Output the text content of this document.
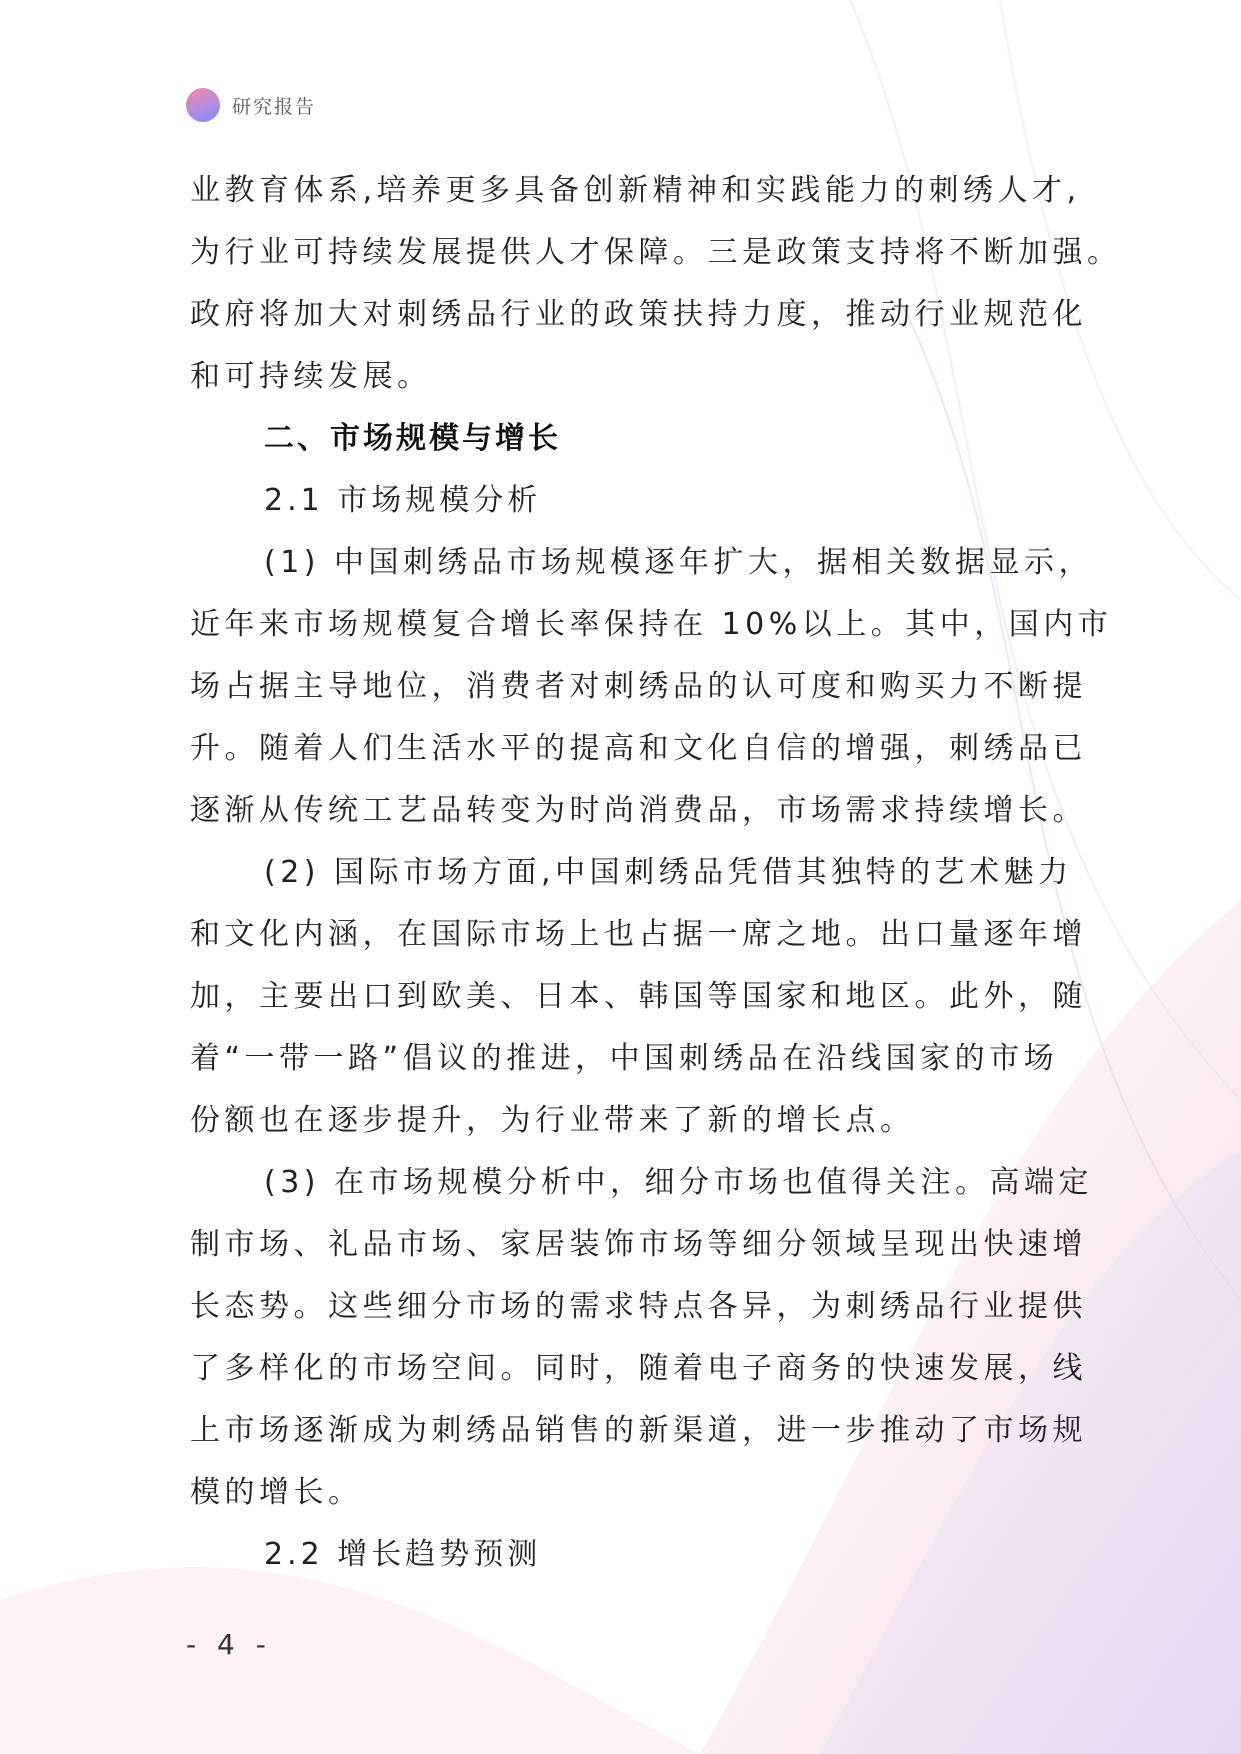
研究报告
业教育体系,培养更多具备创新精神和实践能力的刺绣人才,
为行业可持续发展提供人才保障。三是政策支持将不断加强。
政府将加大对刺绣品行业的政策扶持力度，推动行业规范化
和可持续发展。
二、市场规模与增长
2.1 市场规模分析
(1) 中国刺绣品市场规模逐年扩大，据相关数据显示，
近年来市场规模复合增长率保持在 10%以上。其中，国内市
场占据主导地位，消费者对刺绣品的认可度和购买力不断提
升。随着人们生活水平的提高和文化自信的增强，刺绣品已
逐渐从传统工艺品转变为时尚消费品，市场需求持续增长。
(2) 国际市场方面,中国刺绣品凭借其独特的艺术魅力
和文化内涵，在国际市场上也占据一席之地。出口量逐年增
加，主要出口到欧美、日本、韩国等国家和地区。此外，随
着“一带一路”倡议的推进，中国刺绣品在沿线国家的市场
份额也在逐步提升，为行业带来了新的增长点。
(3) 在市场规模分析中，细分市场也值得关注。高端定
制市场、礼品市场、家居装饰市场等细分领域呈现出快速增
长态势。这些细分市场的需求特点各异，为刺绣品行业提供
了多样化的市场空间。同时，随着电子商务的快速发展，线
上市场逐渐成为刺绣品销售的新渠道，进一步推动了市场规
模的增长。
2.2 增长趋势预测
- 4 -
